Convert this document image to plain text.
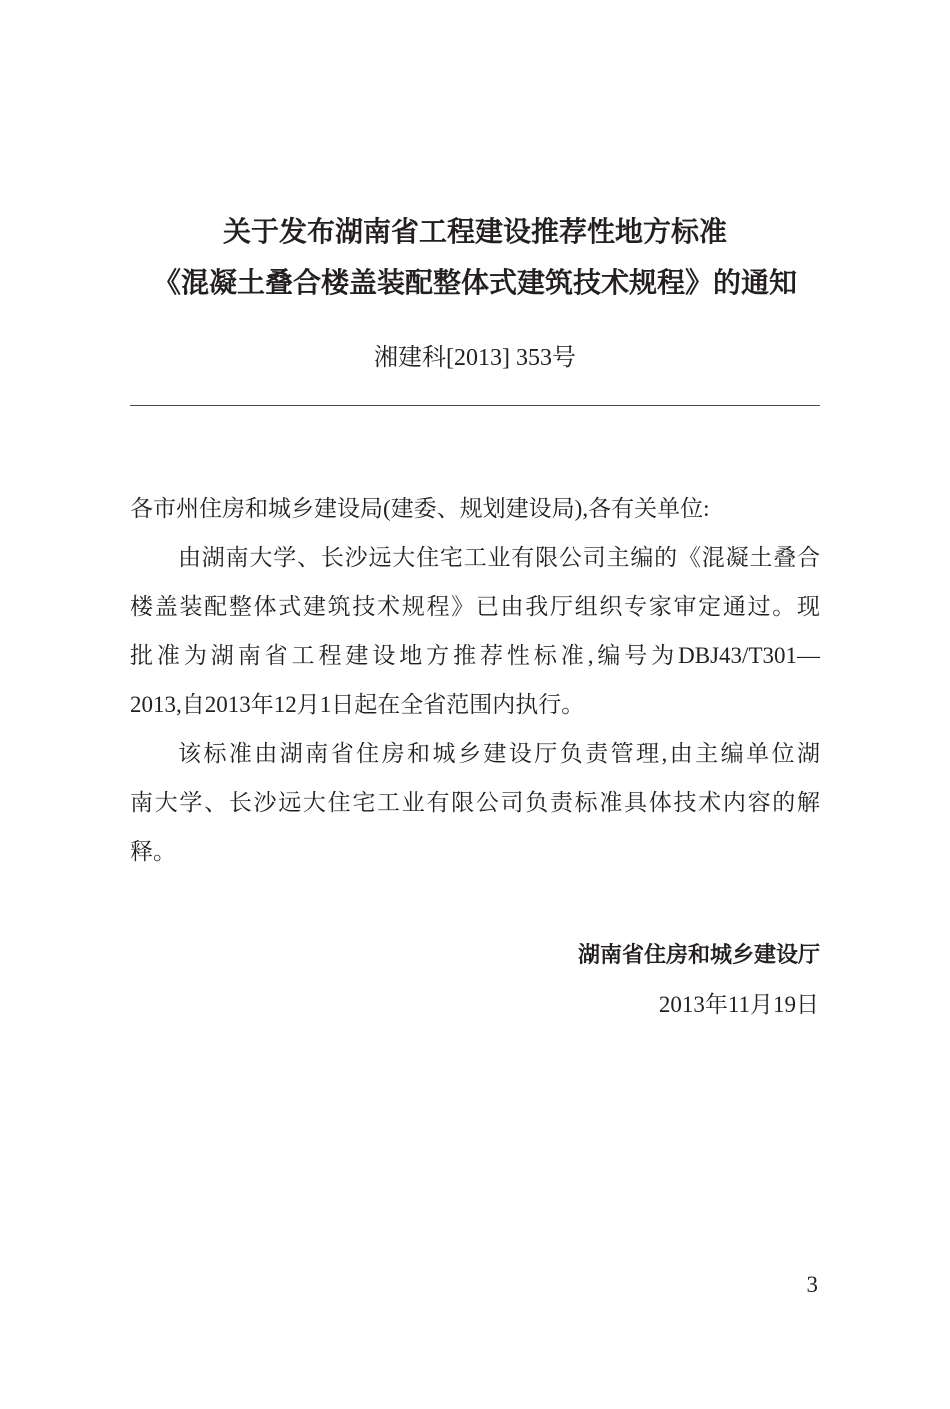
关于发布湖南省工程建设推荐性地方标准
《混凝土叠合楼盖装配整体式建筑技术规程》的通知
湘建科[2013] 353号
各市州住房和城乡建设局(建委、规划建设局),各有关单位:
由湖南大学、长沙远大住宅工业有限公司主编的《混凝土叠合
楼盖装配整体式建筑技术规程》已由我厅组织专家审定通过。现
批准为湖南省工程建设地方推荐性标准,编号为DBJ43/T301—
2013,自2013年12月1日起在全省范围内执行。
该标准由湖南省住房和城乡建设厅负责管理,由主编单位湖
南大学、长沙远大住宅工业有限公司负责标准具体技术内容的解
释。
湖南省住房和城乡建设厅
2013年11月19日
3
